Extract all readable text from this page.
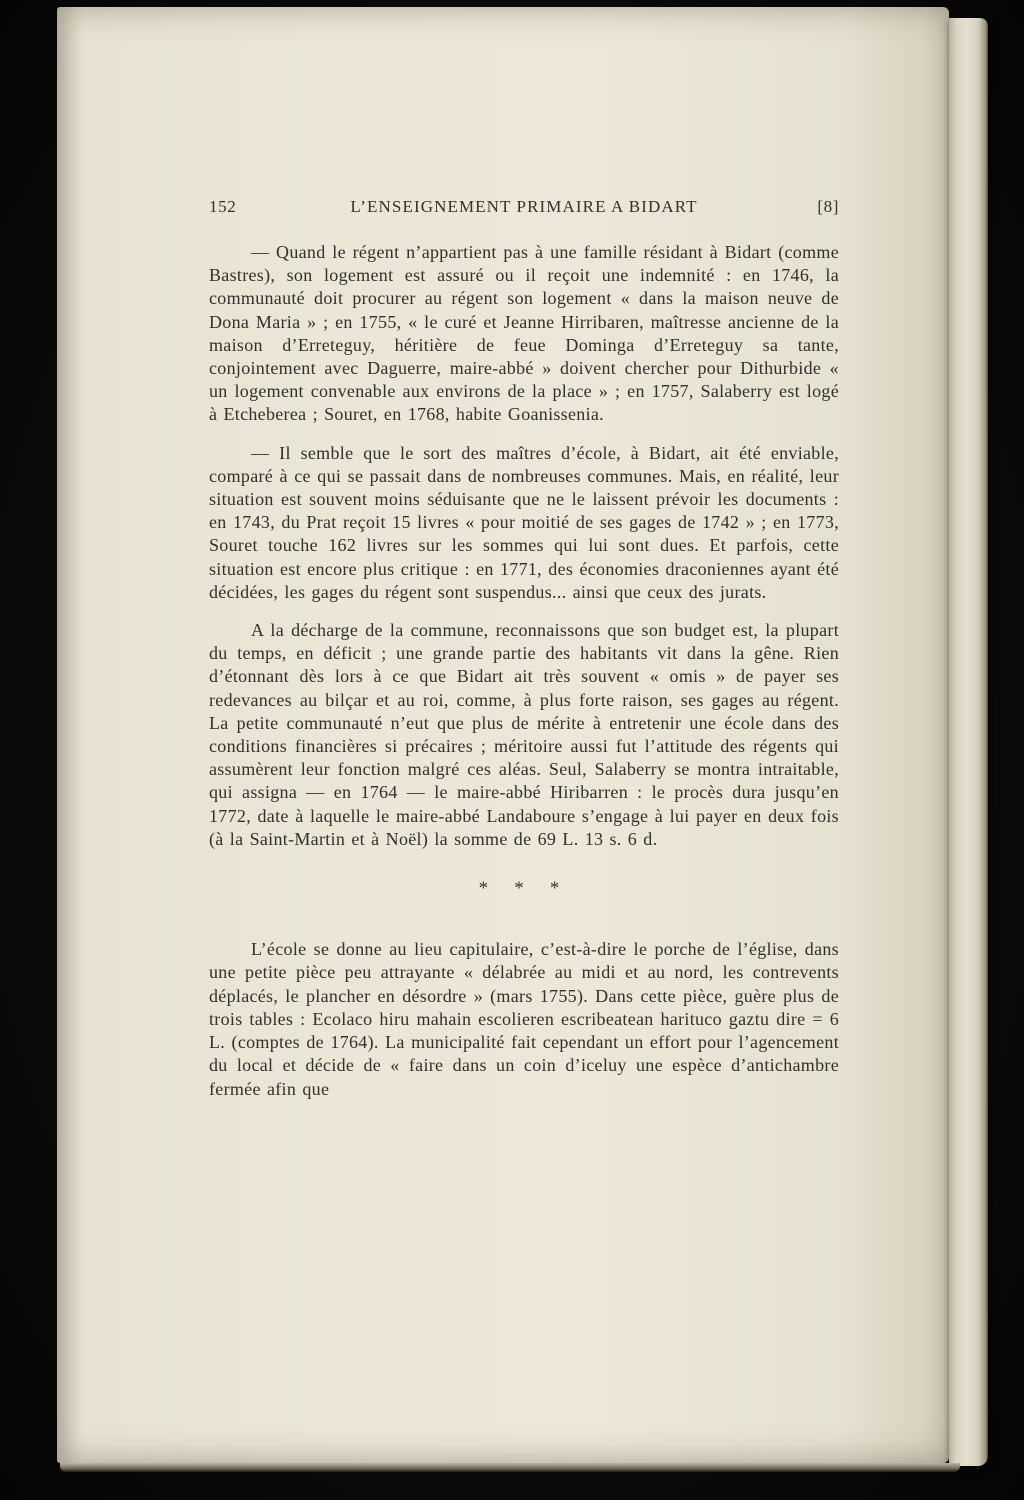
152	L’ENSEIGNEMENT PRIMAIRE A BIDART	[8]

— Quand le régent n’appartient pas à une famille résidant à Bidart (comme Bastres), son logement est assuré ou il reçoit une indemnité : en 1746, la communauté doit procurer au régent son logement « dans la maison neuve de Dona Maria » ; en 1755, « le curé et Jeanne Hirribaren, maîtresse ancienne de la maison d’Erreteguy, héritière de feue Dominga d’Erreteguy sa tante, conjointement avec Daguerre, maire-abbé » doivent chercher pour Dithurbide « un logement convenable aux environs de la place » ; en 1757, Salaberry est logé à Etcheberea ; Souret, en 1768, habite Goanissenia.

— Il semble que le sort des maîtres d’école, à Bidart, ait été enviable, comparé à ce qui se passait dans de nombreuses communes. Mais, en réalité, leur situation est souvent moins séduisante que ne le laissent prévoir les documents : en 1743, du Prat reçoit 15 livres « pour moitié de ses gages de 1742 » ; en 1773, Souret touche 162 livres sur les sommes qui lui sont dues. Et parfois, cette situation est encore plus critique : en 1771, des économies draconiennes ayant été décidées, les gages du régent sont suspendus... ainsi que ceux des jurats.

A la décharge de la commune, reconnaissons que son budget est, la plupart du temps, en déficit ; une grande partie des habitants vit dans la gêne. Rien d’étonnant dès lors à ce que Bidart ait très souvent « omis » de payer ses redevances au bilçar et au roi, comme, à plus forte raison, ses gages au régent. La petite communauté n’eut que plus de mérite à entretenir une école dans des conditions financières si précaires ; méritoire aussi fut l’attitude des régents qui assumèrent leur fonction malgré ces aléas. Seul, Salaberry se montra intraitable, qui assigna — en 1764 — le maire-abbé Hiribarren : le procès dura jusqu’en 1772, date à laquelle le maire-abbé Landaboure s’engage à lui payer en deux fois (à la Saint-Martin et à Noël) la somme de 69 L. 13 s. 6 d.

* * *

L’école se donne au lieu capitulaire, c’est-à-dire le porche de l’église, dans une petite pièce peu attrayante « délabrée au midi et au nord, les contrevents déplacés, le plancher en désordre » (mars 1755). Dans cette pièce, guère plus de trois tables : Ecolaco hiru mahain escolieren escribeatean harituco gaztu dire = 6 L. (comptes de 1764). La municipalité fait cependant un effort pour l’agencement du local et décide de « faire dans un coin d’iceluy une espèce d’antichambre fermée afin que
